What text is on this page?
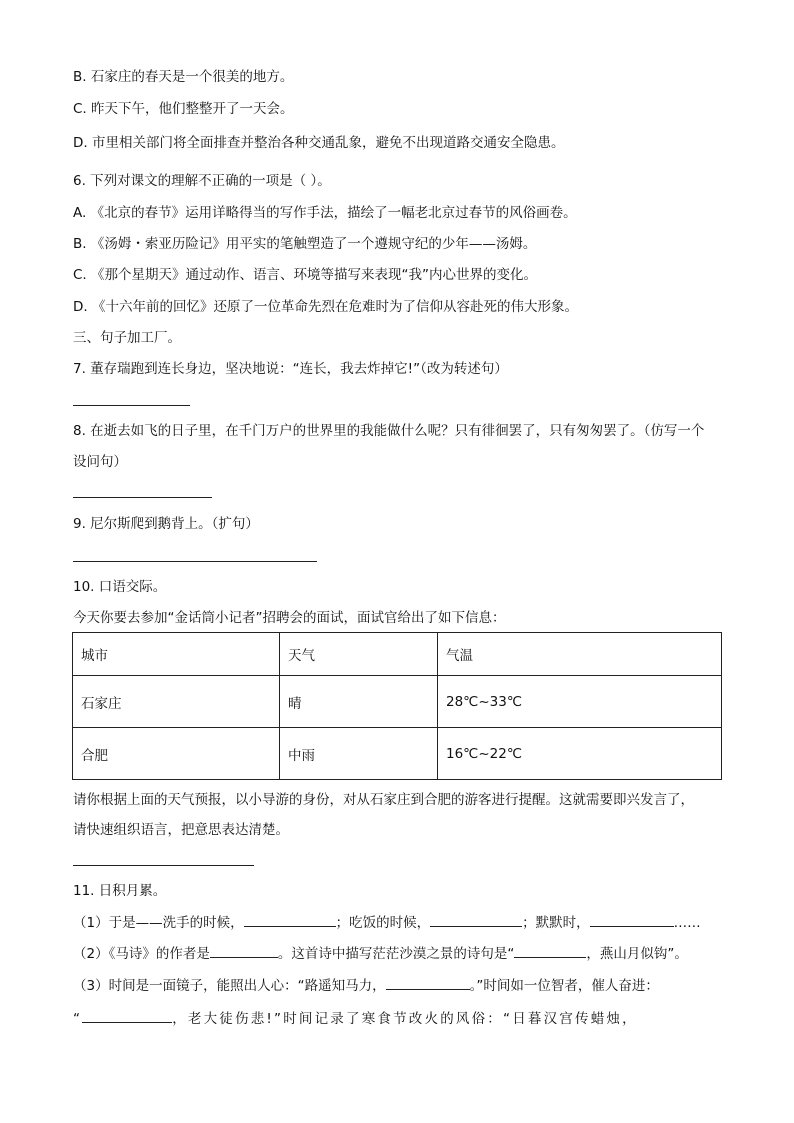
B. 石家庄的春天是一个很美的地方。
C. 昨天下午，他们整整开了一天会。
D. 市里相关部门将全面排查并整治各种交通乱象，避免不出现道路交通安全隐患。
6. 下列对课文的理解不正确的一项是（ ）。
A. 《北京的春节》运用详略得当的写作手法，描绘了一幅老北京过春节的风俗画卷。
B. 《汤姆・索亚历险记》用平实的笔触塑造了一个遵规守纪的少年——汤姆。
C. 《那个星期天》通过动作、语言、环境等描写来表现“我”内心世界的变化。
D. 《十六年前的回忆》还原了一位革命先烈在危难时为了信仰从容赴死的伟大形象。
三、句子加工厂。
7. 董存瑞跑到连长身边，坚决地说：“连长，我去炸掉它!”（改为转述句）
8. 在逝去如飞的日子里，在千门万户的世界里的我能做什么呢？只有徘徊罢了，只有匆匆罢了。（仿写一个
设问句）
9. 尼尔斯爬到鹅背上。（扩句）
10. 口语交际。
今天你要去参加“金话筒小记者”招聘会的面试，面试官给出了如下信息：
城市	天气	气温
石家庄	晴	28℃~33℃
合肥	中雨	16℃~22℃
请你根据上面的天气预报，以小导游的身份，对从石家庄到合肥的游客进行提醒。这就需要即兴发言了，
请快速组织语言，把意思表达清楚。
11. 日积月累。
（1）于是——洗手的时候，	；吃饭的时候，	；默默时，	……
（2）《马诗》的作者是	。这首诗中描写茫茫沙漠之景的诗句是“	，燕山月似钩”。
（3）时间是一面镜子，能照出人心：“路遥知马力，	。”时间如一位智者，催人奋进：
“	，老大徒伤悲!”时间记录了寒食节改火的风俗：“日暮汉宫传蜡烛，
